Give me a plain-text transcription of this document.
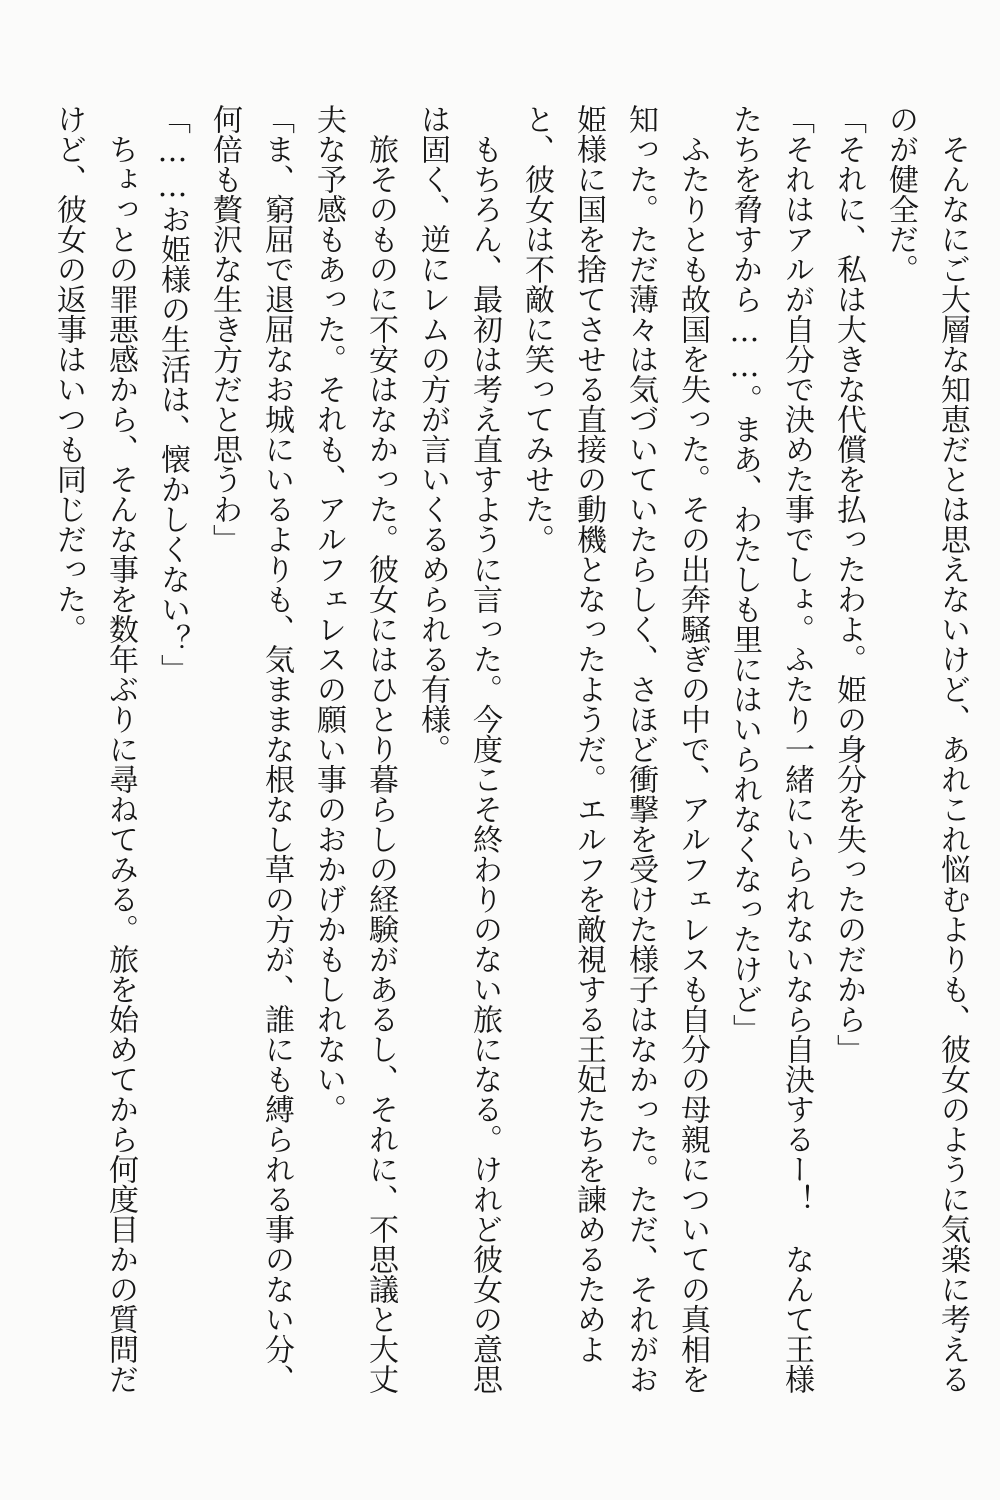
そんなにご大層な知恵だとは思えないけど、あれこれ悩むよりも、彼女のように気楽に考える
のが健全だ。
「それに、私は大きな代償を払ったわよ。姫の身分を失ったのだから」
「それはアルが自分で決めた事でしょ。ふたり一緒にいられないなら自決するー！　なんて王様
たちを脅すから……。まあ、わたしも里にはいられなくなったけど」
ふたりとも故国を失った。その出奔騒ぎの中で、アルフェレスも自分の母親についての真相を
知った。ただ薄々は気づいていたらしく、さほど衝撃を受けた様子はなかった。ただ、それがお
姫様に国を捨てさせる直接の動機となったようだ。エルフを敵視する王妃たちを諫めるためよ
と、彼女は不敵に笑ってみせた。
もちろん、最初は考え直すように言った。今度こそ終わりのない旅になる。けれど彼女の意思
は固く、逆にレムの方が言いくるめられる有様。
旅そのものに不安はなかった。彼女にはひとり暮らしの経験があるし、それに、不思議と大丈
夫な予感もあった。それも、アルフェレスの願い事のおかげかもしれない。
「ま、窮屈で退屈なお城にいるよりも、気ままな根なし草の方が、誰にも縛られる事のない分、
何倍も贅沢な生き方だと思うわ」
「……お姫様の生活は、懐かしくない？」
ちょっとの罪悪感から、そんな事を数年ぶりに尋ねてみる。旅を始めてから何度目かの質問だ
けど、彼女の返事はいつも同じだった。
